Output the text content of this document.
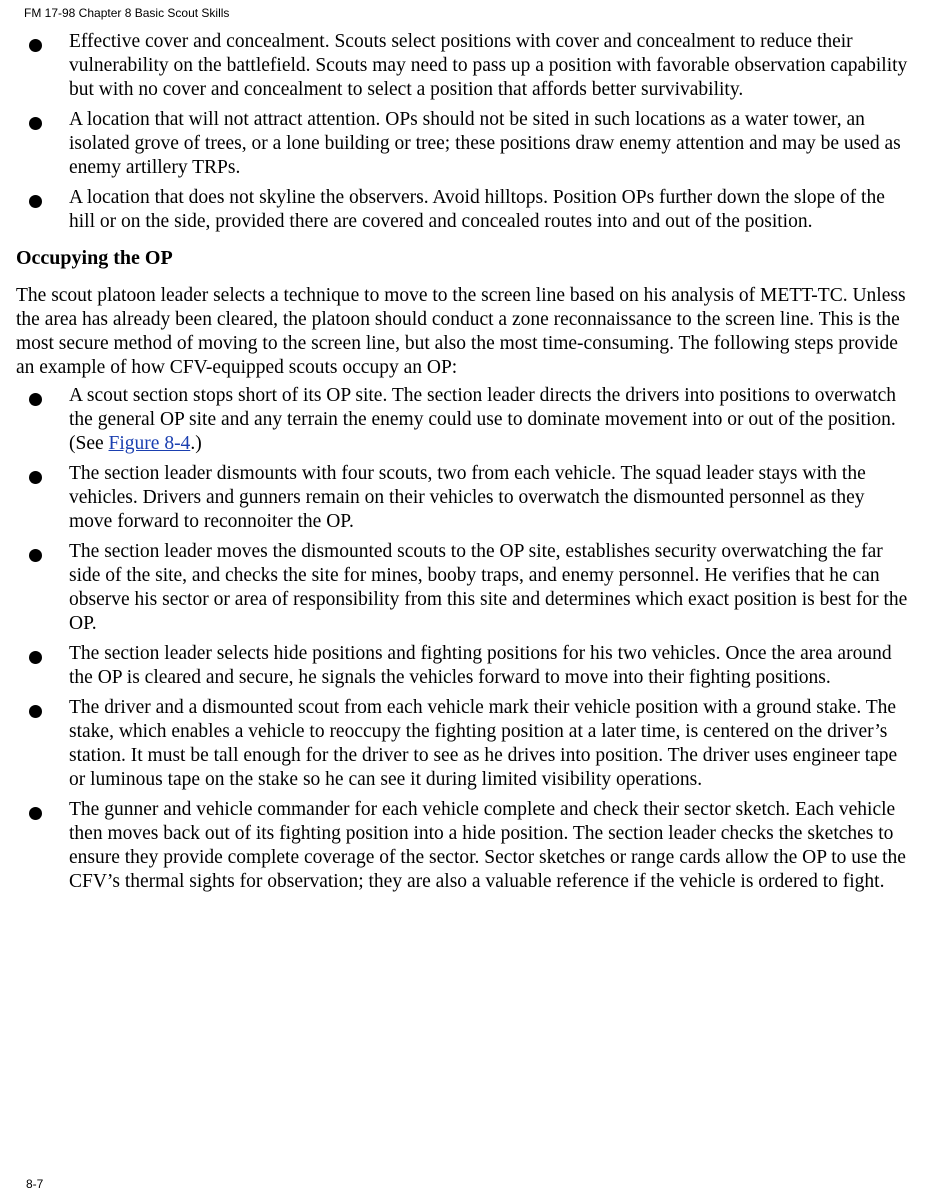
FM 17-98 Chapter 8 Basic Scout Skills
Effective cover and concealment. Scouts select positions with cover and concealment to reduce their vulnerability on the battlefield. Scouts may need to pass up a position with favorable observation capability but with no cover and concealment to select a position that affords better survivability.
A location that will not attract attention. OPs should not be sited in such locations as a water tower, an isolated grove of trees, or a lone building or tree; these positions draw enemy attention and may be used as enemy artillery TRPs.
A location that does not skyline the observers. Avoid hilltops. Position OPs further down the slope of the hill or on the side, provided there are covered and concealed routes into and out of the position.
Occupying the OP

The scout platoon leader selects a technique to move to the screen line based on his analysis of METT-TC. Unless the area has already been cleared, the platoon should conduct a zone reconnaissance to the screen line. This is the most secure method of moving to the screen line, but also the most time-consuming. The following steps provide an example of how CFV-equipped scouts occupy an OP:

A scout section stops short of its OP site. The section leader directs the drivers into positions to overwatch the general OP site and any terrain the enemy could use to dominate movement into or out of the position. (See Figure 8-4.)
The section leader dismounts with four scouts, two from each vehicle. The squad leader stays with the vehicles. Drivers and gunners remain on their vehicles to overwatch the dismounted personnel as they move forward to reconnoiter the OP.
The section leader moves the dismounted scouts to the OP site, establishes security overwatching the far side of the site, and checks the site for mines, booby traps, and enemy personnel. He verifies that he can observe his sector or area of responsibility from this site and determines which exact position is best for the OP.
The section leader selects hide positions and fighting positions for his two vehicles. Once the area around the OP is cleared and secure, he signals the vehicles forward to move into their fighting positions.
The driver and a dismounted scout from each vehicle mark their vehicle position with a ground stake. The stake, which enables a vehicle to reoccupy the fighting position at a later time, is centered on the driver’s station. It must be tall enough for the driver to see as he drives into position. The driver uses engineer tape or luminous tape on the stake so he can see it during limited visibility operations.
The gunner and vehicle commander for each vehicle complete and check their sector sketch. Each vehicle then moves back out of its fighting position into a hide position. The section leader checks the sketches to ensure they provide complete coverage of the sector. Sector sketches or range cards allow the OP to use the CFV’s thermal sights for observation; they are also a valuable reference if the vehicle is ordered to fight.
8-7
